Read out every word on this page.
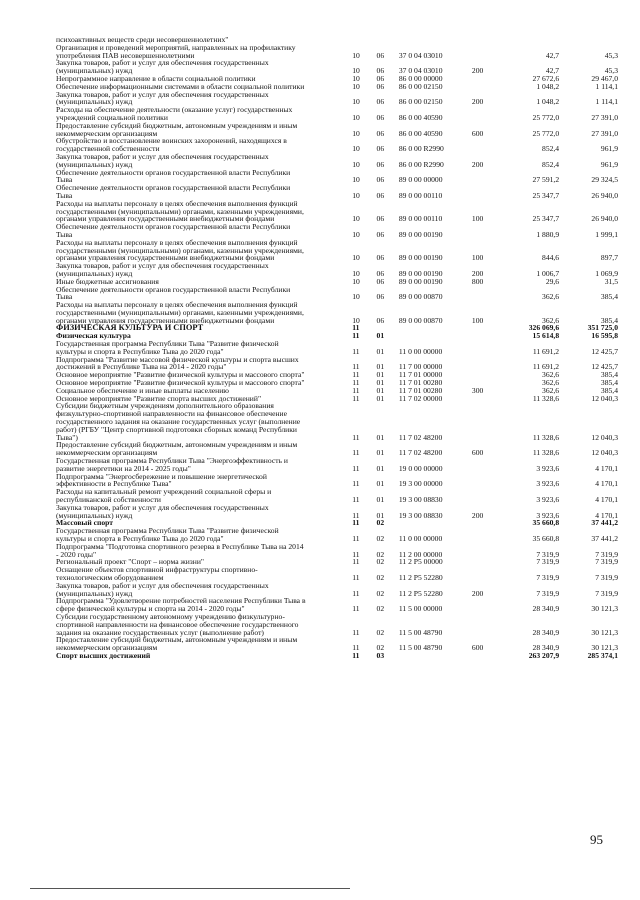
психоактивных веществ среди несовершеннолетних"						
Организация и проведений мероприятий, направленных на профилактику
употребления ПАВ несовершеннолетними	10	06	37 0 04 03010		42,7	45,3
Закупка товаров, работ и услуг для обеспечения государственных
(муниципальных) нужд	10	06	37 0 04 03010	200	42,7	45,3
Непрограммное направление в области социальной политики	10	06	86 0 00 00000		27 672,6	29 467,0
Обеспечение информационными системами в области социальной политики	10	06	86 0 00 02150		1 048,2	1 114,1
Закупка товаров, работ и услуг для обеспечения государственных
(муниципальных) нужд	10	06	86 0 00 02150	200	1 048,2	1 114,1
Расходы на обеспечение деятельности (оказание услуг) государственных
учреждений социальной политики	10	06	86 0 00 40590		25 772,0	27 391,0
Предоставление субсидий бюджетным, автономным учреждениям и иным
некоммерческим организациям	10	06	86 0 00 40590	600	25 772,0	27 391,0
Обустройство и восстановление воинских захоронений, находящихся в
государственной собственности	10	06	86 0 00 R2990		852,4	961,9
Закупка товаров, работ и услуг для обеспечения государственных
(муниципальных) нужд	10	06	86 0 00 R2990	200	852,4	961,9
Обеспечение деятельности органов государственной власти Республики
Тыва	10	06	89 0 00 00000		27 591,2	29 324,5
Обеспечение деятельности органов государственной власти Республики
Тыва	10	06	89 0 00 00110		25 347,7	26 940,0
Расходы на выплаты персоналу в целях обеспечения выполнения функций
государственными (муниципальными) органами, казенными учреждениями,
органами управления государственными внебюджетными фондами	10	06	89 0 00 00110	100	25 347,7	26 940,0
Обеспечение деятельности органов государственной власти Республики
Тыва	10	06	89 0 00 00190		1 880,9	1 999,1
Расходы на выплаты персоналу в целях обеспечения выполнения функций
государственными (муниципальными) органами, казенными учреждениями,
органами управления государственными внебюджетными фондами	10	06	89 0 00 00190	100	844,6	897,7
Закупка товаров, работ и услуг для обеспечения государственных
(муниципальных) нужд	10	06	89 0 00 00190	200	1 006,7	1 069,9
Иные бюджетные ассигнования	10	06	89 0 00 00190	800	29,6	31,5
Обеспечение деятельности органов государственной власти Республики
Тыва	10	06	89 0 00 00870		362,6	385,4
Расходы на выплаты персоналу в целях обеспечения выполнения функций
государственными (муниципальными) органами, казенными учреждениями,
органами управления государственными внебюджетными фондами	10	06	89 0 00 00870	100	362,6	385,4
ФИЗИЧЕСКАЯ КУЛЬТУРА И СПОРТ	11				326 069,6	351 725,0
Физическая культура	11	01			15 614,8	16 595,8
Государственная программа Республики Тыва "Развитие физической
культуры и спорта в Республике Тыва до 2020 года"	11	01	11 0 00 00000		11 691,2	12 425,7
Подпрограмма "Развитие массовой физической культуры и спорта высших
достижений в Республике Тыва на 2014 - 2020 годы"	11	01	11 7 00 00000		11 691,2	12 425,7
Основное мероприятие "Развитие физической культуры и массового спорта"	11	01	11 7 01 00000		362,6	385,4
Основное мероприятие "Развитие физической культуры и массового спорта"	11	01	11 7 01 00280		362,6	385,4
Социальное обеспечение и иные выплаты населению	11	01	11 7 01 00280	300	362,6	385,4
Основное мероприятие "Развитие спорта высших достижений"	11	01	11 7 02 00000		11 328,6	12 040,3
Субсидии бюджетным учреждениям дополнительного образования
физкультурно-спортивной направленности на финансовое обеспечение
государственного задания на оказание государственных услуг (выполнение
работ) (РГБУ "Центр спортивной подготовки сборных команд Республики
Тыва")	11	01	11 7 02 48200		11 328,6	12 040,3
Предоставление субсидий бюджетным, автономным учреждениям и иным
некоммерческим организациям	11	01	11 7 02 48200	600	11 328,6	12 040,3
Государственная программа Республики Тыва "Энергоэффективность и
развитие энергетики на 2014 - 2025 годы"	11	01	19 0 00 00000		3 923,6	4 170,1
Подпрограмма "Энергосбережение и повышение энергетической
эффективности в Республике Тыва"	11	01	19 3 00 00000		3 923,6	4 170,1
Расходы на капитальный ремонт учреждений социальной сферы и
республиканской собственности	11	01	19 3 00 08830		3 923,6	4 170,1
Закупка товаров, работ и услуг для обеспечения государственных
(муниципальных) нужд	11	01	19 3 00 08830	200	3 923,6	4 170,1
Массовый спорт	11	02			35 660,8	37 441,2
Государственная программа Республики Тыва "Развитие физической
культуры и спорта в Республике Тыва до 2020 года"	11	02	11 0 00 00000		35 660,8	37 441,2
Подпрограмма "Подготовка спортивного резерва в Республике Тыва на 2014
- 2020 годы"	11	02	11 2 00 00000		7 319,9	7 319,9
Региональный проект "Спорт – норма жизни"	11	02	11 2 P5 00000		7 319,9	7 319,9
Оснащение объектов спортивной инфраструктуры спортивно-
технологическим оборудованием	11	02	11 2 P5 52280		7 319,9	7 319,9
Закупка товаров, работ и услуг для обеспечения государственных
(муниципальных) нужд	11	02	11 2 P5 52280	200	7 319,9	7 319,9
Подпрограмма "Удовлетворение потребностей населения Республики Тыва в
сфере физической культуры и спорта на 2014 - 2020 годы"	11	02	11 5 00 00000		28 340,9	30 121,3
Субсидии государственному автономному учреждению физкультурно-
спортивной направленности на финансовое обеспечение государственного
задания на оказание государственных услуг (выполнение работ)	11	02	11 5 00 48790		28 340,9	30 121,3
Предоставление субсидий бюджетным, автономным учреждениям и иным
некоммерческим организациям	11	02	11 5 00 48790	600	28 340,9	30 121,3
Спорт высших достижений	11	03			263 207,9	285 374,1
95
